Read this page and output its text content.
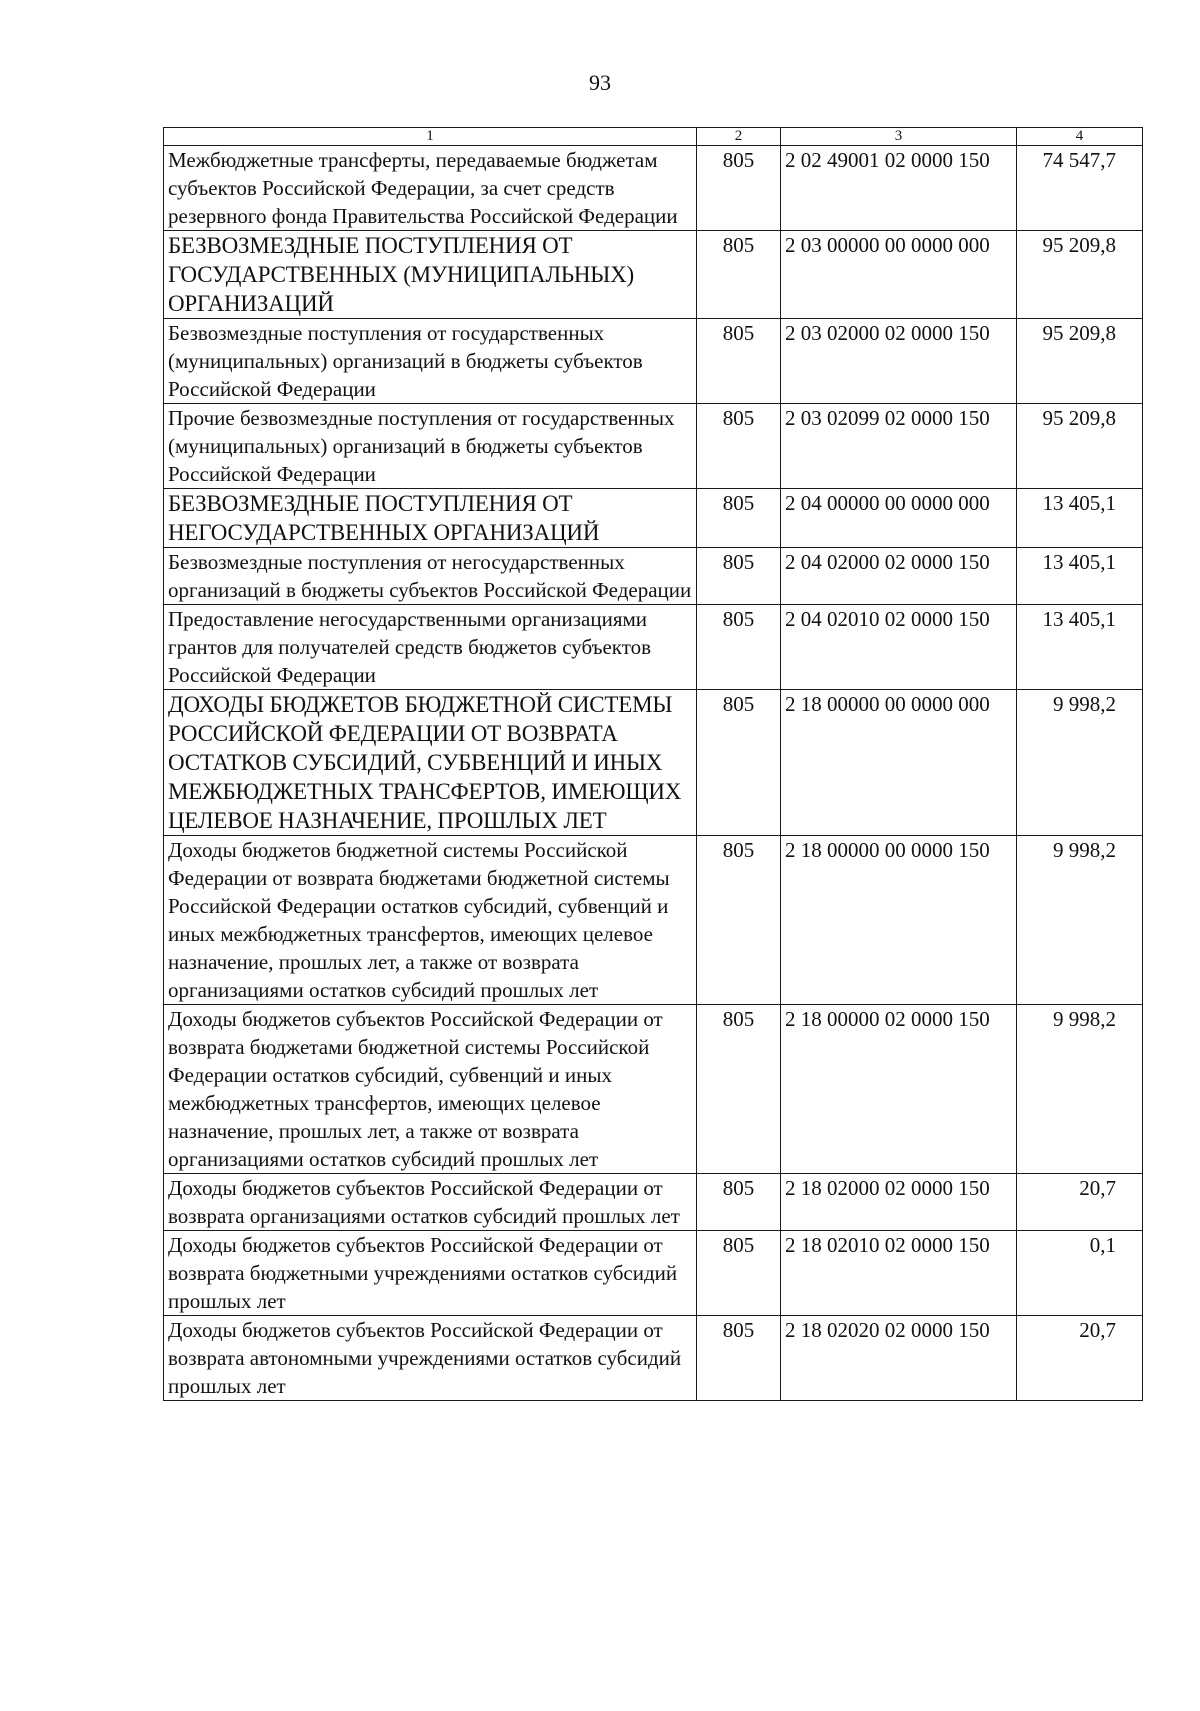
93
1	2	3	4
Межбюджетные трансферты, передаваемые бюджетам субъектов Российской Федерации, за счет средств резервного фонда Правительства Российской Федерации	805	2 02 49001 02 0000 150	74 547,7
БЕЗВОЗМЕЗДНЫЕ ПОСТУПЛЕНИЯ ОТ ГОСУДАРСТВЕННЫХ (МУНИЦИПАЛЬНЫХ) ОРГАНИЗАЦИЙ	805	2 03 00000 00 0000 000	95 209,8
Безвозмездные поступления от государственных (муниципальных) организаций в бюджеты субъектов Российской Федерации	805	2 03 02000 02 0000 150	95 209,8
Прочие безвозмездные поступления от государственных (муниципальных) организаций в бюджеты субъектов Российской Федерации	805	2 03 02099 02 0000 150	95 209,8
БЕЗВОЗМЕЗДНЫЕ ПОСТУПЛЕНИЯ ОТ НЕГОСУДАРСТВЕННЫХ ОРГАНИЗАЦИЙ	805	2 04 00000 00 0000 000	13 405,1
Безвозмездные поступления от негосударственных организаций в бюджеты субъектов Российской Федерации	805	2 04 02000 02 0000 150	13 405,1
Предоставление негосударственными организациями грантов для получателей средств бюджетов субъектов Российской Федерации	805	2 04 02010 02 0000 150	13 405,1
ДОХОДЫ БЮДЖЕТОВ БЮДЖЕТНОЙ СИСТЕМЫ РОССИЙСКОЙ ФЕДЕРАЦИИ ОТ ВОЗВРАТА ОСТАТКОВ СУБСИДИЙ, СУБВЕНЦИЙ И ИНЫХ МЕЖБЮДЖЕТНЫХ ТРАНСФЕРТОВ, ИМЕЮЩИХ ЦЕЛЕВОЕ НАЗНАЧЕНИЕ, ПРОШЛЫХ ЛЕТ	805	2 18 00000 00 0000 000	9 998,2
Доходы бюджетов бюджетной системы Российской Федерации от возврата бюджетами бюджетной системы Российской Федерации остатков субсидий, субвенций и иных межбюджетных трансфертов, имеющих целевое назначение, прошлых лет, а также от возврата организациями остатков субсидий прошлых лет	805	2 18 00000 00 0000 150	9 998,2
Доходы бюджетов субъектов Российской Федерации от возврата бюджетами бюджетной системы Российской Федерации остатков субсидий, субвенций и иных межбюджетных трансфертов, имеющих целевое назначение, прошлых лет, а также от возврата организациями остатков субсидий прошлых лет	805	2 18 00000 02 0000 150	9 998,2
Доходы бюджетов субъектов Российской Федерации от возврата организациями остатков субсидий прошлых лет	805	2 18 02000 02 0000 150	20,7
Доходы бюджетов субъектов Российской Федерации от возврата бюджетными учреждениями остатков субсидий прошлых лет	805	2 18 02010 02 0000 150	0,1
Доходы бюджетов субъектов Российской Федерации от возврата автономными учреждениями остатков субсидий прошлых лет	805	2 18 02020 02 0000 150	20,7
